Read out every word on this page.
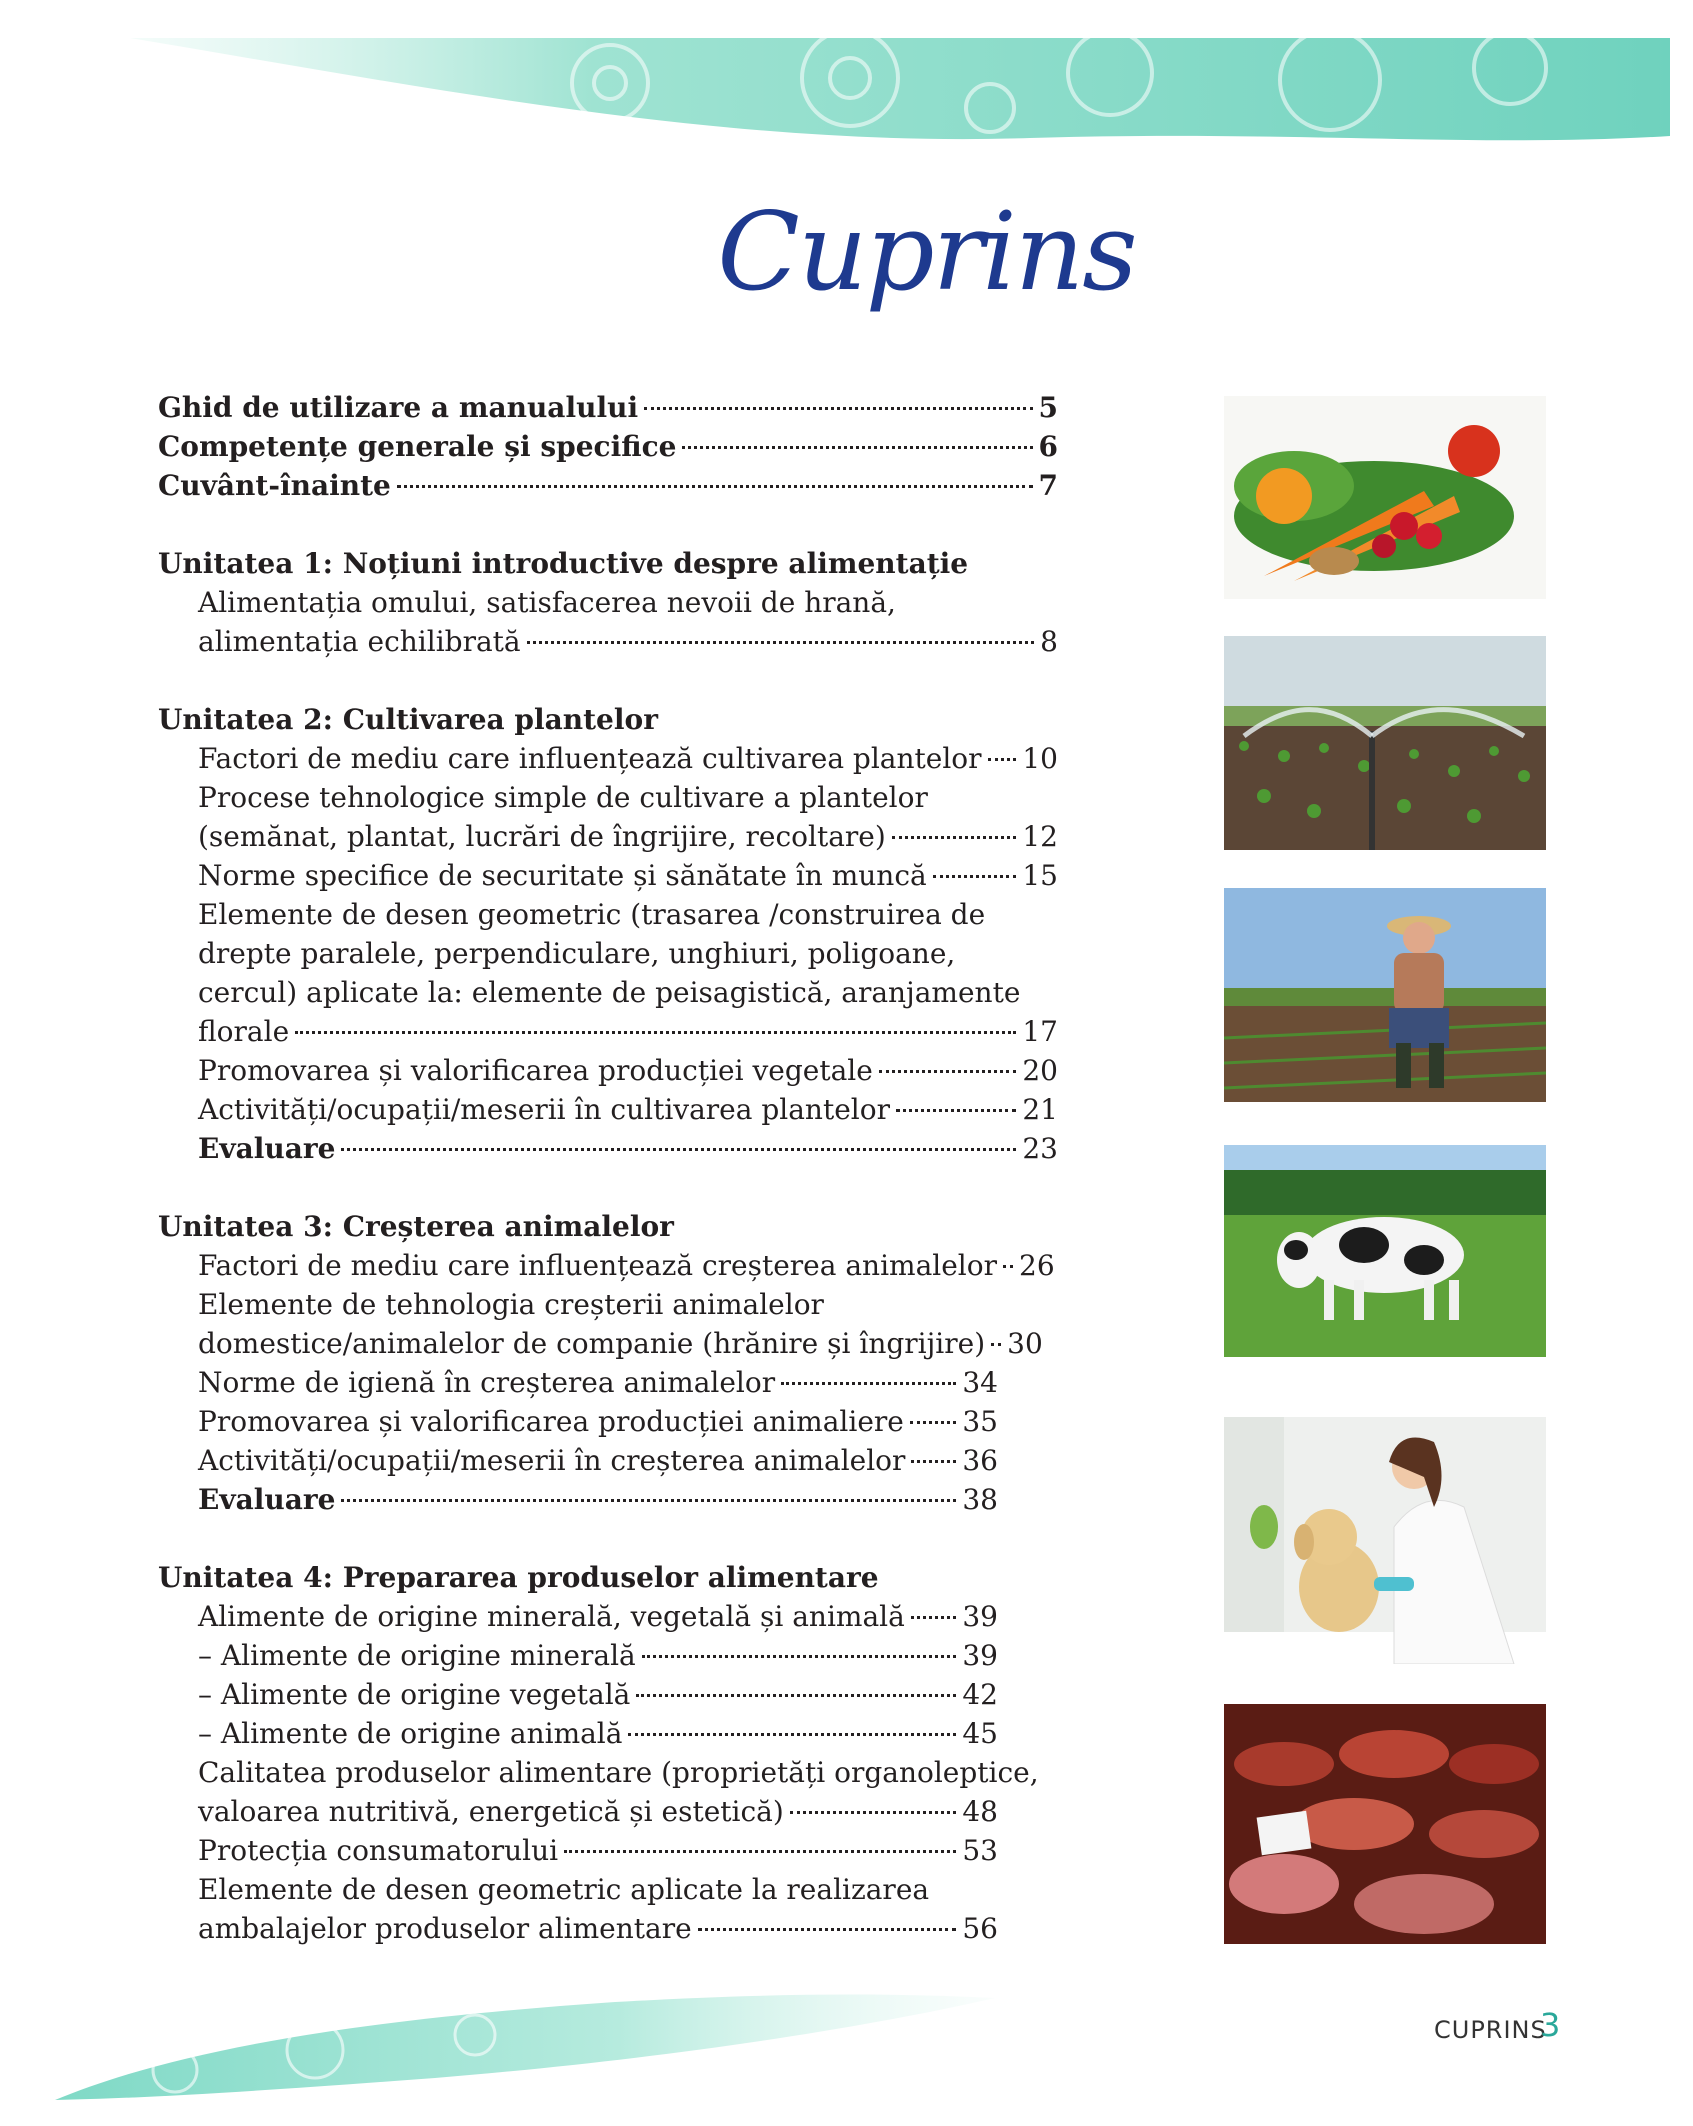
Cuprins
Ghid de utilizare a manualului	5
Competențe generale și specifice	6
Cuvânt-înainte	7
Unitatea 1: Noțiuni introductive despre alimentație
Alimentația omului, satisfacerea nevoii de hrană,
alimentația echilibrată	8
Unitatea 2: Cultivarea plantelor
Factori de mediu care influențează cultivarea plantelor 10
Procese tehnologice simple de cultivare a plantelor
(semănat, plantat, lucrări de îngrijire, recoltare)	12
Norme specifice de securitate și sănătate în muncă	15
Elemente de desen geometric (trasarea /construirea de
drepte paralele, perpendiculare, unghiuri, poligoane,
cercul) aplicate la: elemente de peisagistică, aranjamente
florale	17
Promovarea și valorificarea producției vegetale	20
Activități/ocupații/meserii în cultivarea plantelor	21
Evaluare	23
Unitatea 3: Creșterea animalelor
Factori de mediu care influențează creșterea animalelor 26
Elemente de tehnologia creșterii animalelor
domestice/animalelor de companie (hrănire și îngrijire) 30
Norme de igienă în creșterea animalelor	34
Promovarea și valorificarea producției animaliere 35
Activități/ocupații/meserii în creșterea animalelor 36
Evaluare	38
Unitatea 4: Prepararea produselor alimentare
Alimente de origine minerală, vegetală și animală 39
– Alimente de origine minerală	39
– Alimente de origine vegetală	42
– Alimente de origine animală	45
Calitatea produselor alimentare (proprietăți organoleptice,
valoarea nutritivă, energetică și estetică)	48
Protecția consumatorului	53
Elemente de desen geometric aplicate la realizarea
ambalajelor produselor alimentare	56
CUPRINS
3
